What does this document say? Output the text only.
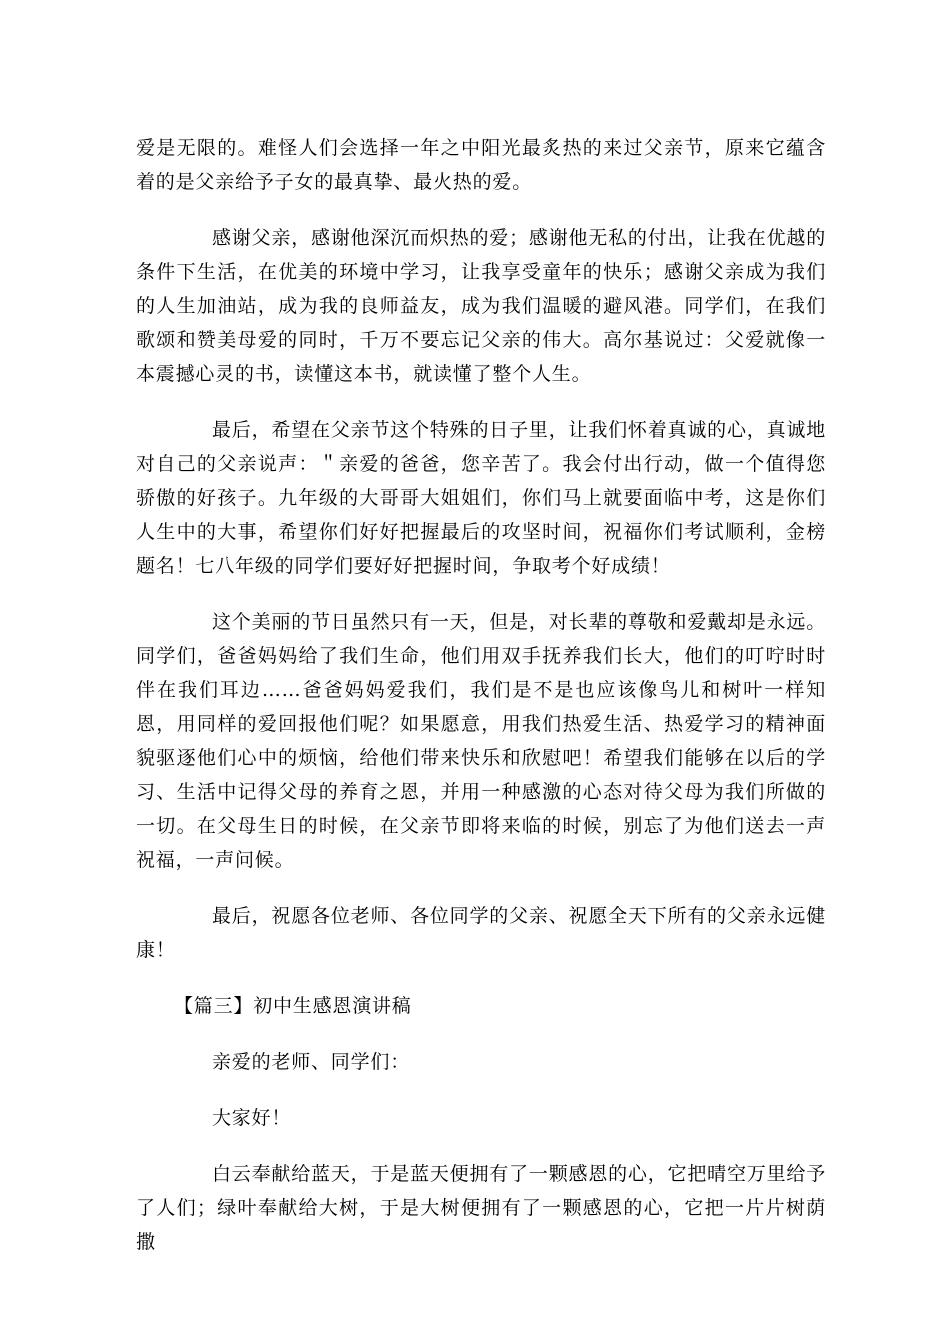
爱是无限的。难怪人们会选择一年之中阳光最炙热的来过父亲节，原来它蕴含着的是父亲给予子女的最真挚、最火热的爱。

感谢父亲，感谢他深沉而炽热的爱；感谢他无私的付出，让我在优越的条件下生活，在优美的环境中学习，让我享受童年的快乐；感谢父亲成为我们的人生加油站，成为我的良师益友，成为我们温暖的避风港。同学们，在我们歌颂和赞美母爱的同时，千万不要忘记父亲的伟大。高尔基说过：父爱就像一本震撼心灵的书，读懂这本书，就读懂了整个人生。

最后，希望在父亲节这个特殊的日子里，让我们怀着真诚的心，真诚地对自己的父亲说声：＂亲爱的爸爸，您辛苦了。我会付出行动，做一个值得您骄傲的好孩子。九年级的大哥哥大姐姐们，你们马上就要面临中考，这是你们人生中的大事，希望你们好好把握最后的攻坚时间，祝福你们考试顺利，金榜题名！七八年级的同学们要好好把握时间，争取考个好成绩！

这个美丽的节日虽然只有一天，但是，对长辈的尊敬和爱戴却是永远。同学们，爸爸妈妈给了我们生命，他们用双手抚养我们长大，他们的叮咛时时伴在我们耳边……爸爸妈妈爱我们，我们是不是也应该像鸟儿和树叶一样知恩，用同样的爱回报他们呢？如果愿意，用我们热爱生活、热爱学习的精神面貌驱逐他们心中的烦恼，给他们带来快乐和欣慰吧！希望我们能够在以后的学习、生活中记得父母的养育之恩，并用一种感激的心态对待父母为我们所做的一切。在父母生日的时候，在父亲节即将来临的时候，别忘了为他们送去一声祝福，一声问候。

最后，祝愿各位老师、各位同学的父亲、祝愿全天下所有的父亲永远健康！

【篇三】初中生感恩演讲稿

亲爱的老师、同学们：

大家好！

白云奉献给蓝天，于是蓝天便拥有了一颗感恩的心，它把晴空万里给予了人们；绿叶奉献给大树，于是大树便拥有了一颗感恩的心，它把一片片树荫撒
